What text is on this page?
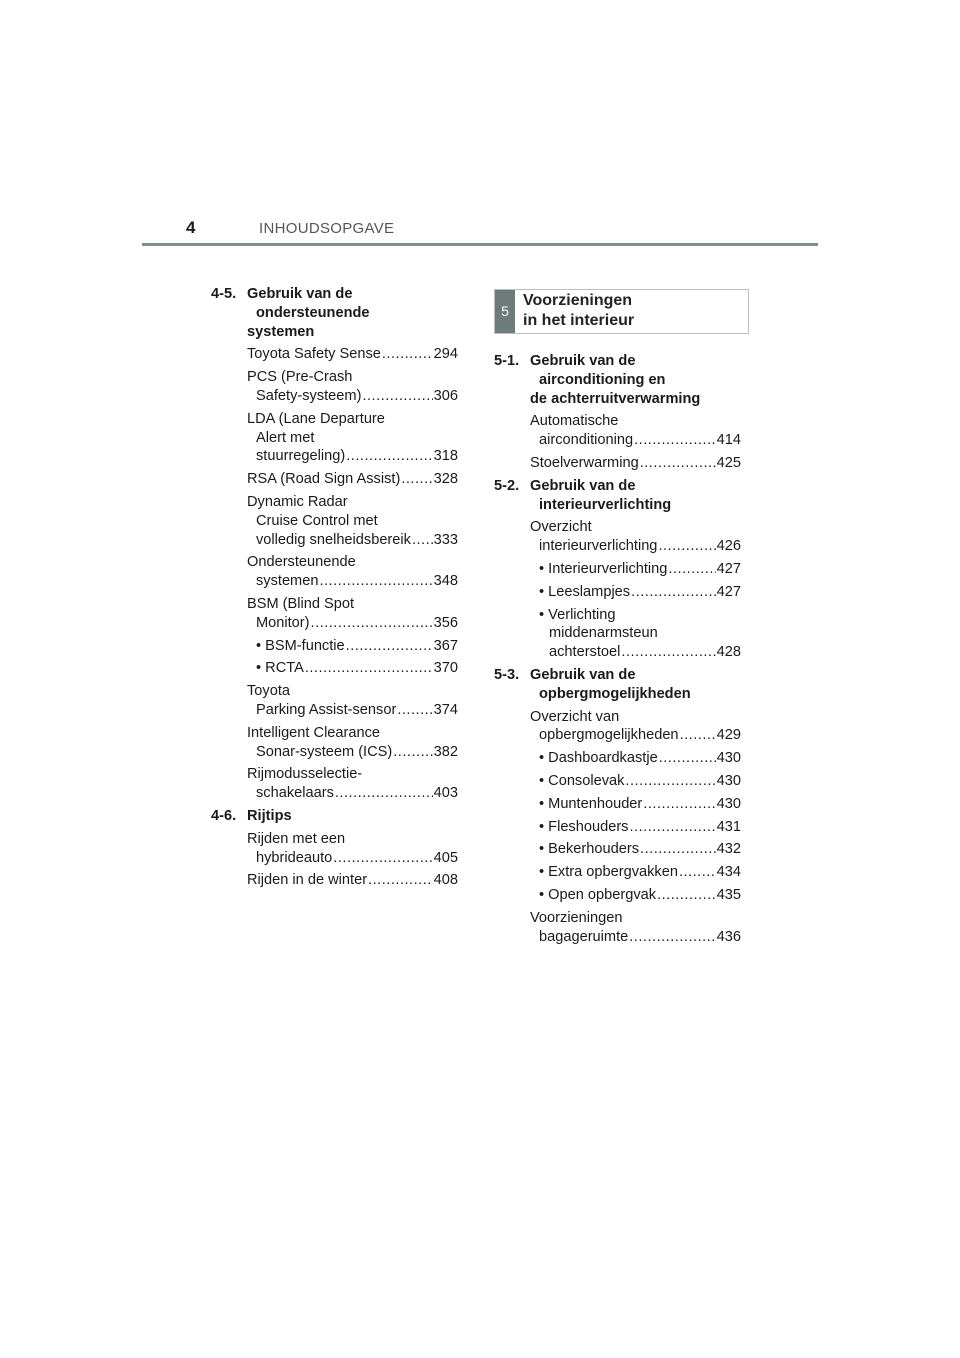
4	INHOUDSOPGAVE
4-5. Gebruik van de
ondersteunende
systemen
Toyota Safety Sense .....	294
PCS (Pre-Crash
Safety-systeem) .....	306
LDA (Lane Departure
Alert met
stuurregeling) .....	318
RSA (Road Sign Assist) ..... 328
Dynamic Radar
Cruise Control met
volledig snelheidsbereik ..... 333
Ondersteunende
systemen .....	348
BSM (Blind Spot
Monitor) .....	356
• BSM-functie .....	367
• RCTA .....	370
Toyota
Parking Assist-sensor .....	374
Intelligent Clearance
Sonar-systeem (ICS) .....	382
Rijmodusselectie-
schakelaars .....	403
4-6. Rijtips
Rijden met een
hybrideauto .....	405
Rijden in de winter .....	408
5
Voorzieningen
in het interieur
5-1. Gebruik van de
airconditioning en
de achterruitverwarming
Automatische
airconditioning .....	414
Stoelverwarming .....	425
5-2. Gebruik van de
interieurverlichting
Overzicht
interieurverlichting .....	426
• Interieurverlichting .....	427
• Leeslampjes .....	427
• Verlichting
middenarmsteun
achterstoel .....	428
5-3. Gebruik van de
opbergmogelijkheden
Overzicht van
opbergmogelijkheden .....	429
• Dashboardkastje .....	430
• Consolevak .....	430
• Muntenhouder .....	430
• Fleshouders .....	431
• Bekerhouders .....	432
• Extra opbergvakken .....	434
• Open opbergvak .....	435
Voorzieningen
bagageruimte .....	436
